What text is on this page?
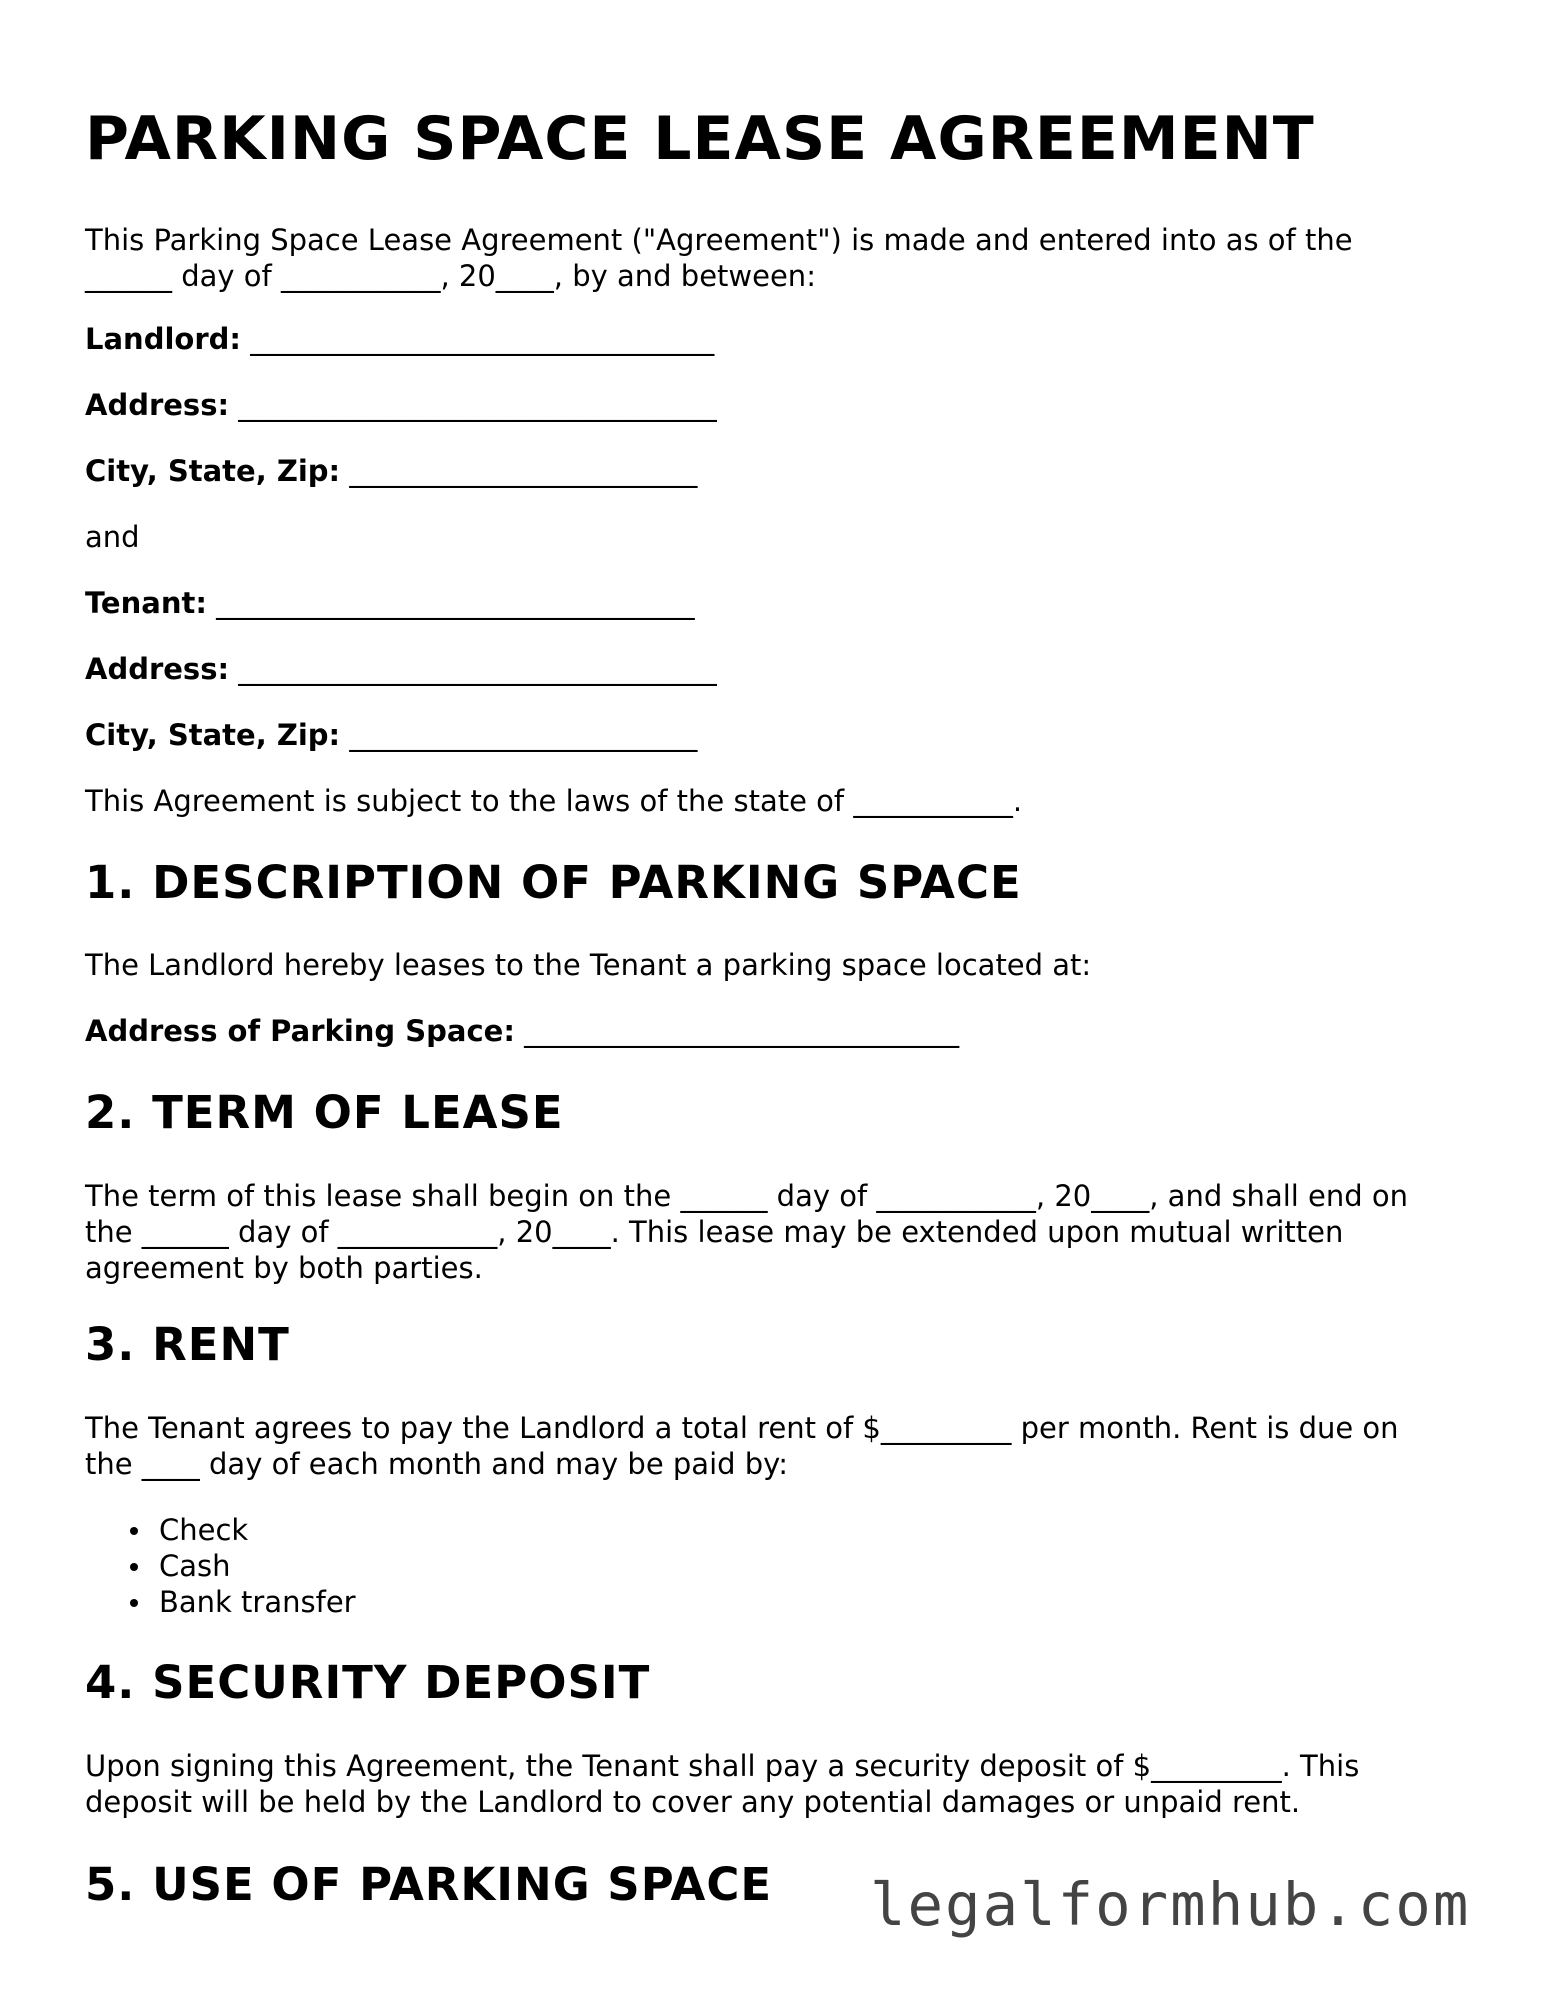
PARKING SPACE LEASE AGREEMENT

This Parking Space Lease Agreement ("Agreement") is made and entered into as of the
______ day of ___________, 20____, by and between:

Landlord: ________________________________
Address: _________________________________
City, State, Zip: ________________________
and
Tenant: _________________________________
Address: _________________________________
City, State, Zip: ________________________
This Agreement is subject to the laws of the state of ___________.
1. DESCRIPTION OF PARKING SPACE
The Landlord hereby leases to the Tenant a parking space located at:
Address of Parking Space: ______________________________
2. TERM OF LEASE

The term of this lease shall begin on the ______ day of ___________, 20____, and shall end on
the ______ day of ___________, 20____. This lease may be extended upon mutual written
agreement by both parties.

3. RENT

The Tenant agrees to pay the Landlord a total rent of $_________ per month. Rent is due on
the ____ day of each month and may be paid by:

Check
Cash
Bank transfer
4. SECURITY DEPOSIT

Upon signing this Agreement, the Tenant shall pay a security deposit of $_________. This
deposit will be held by the Landlord to cover any potential damages or unpaid rent.

5. USE OF PARKING SPACE legalformhub.com
